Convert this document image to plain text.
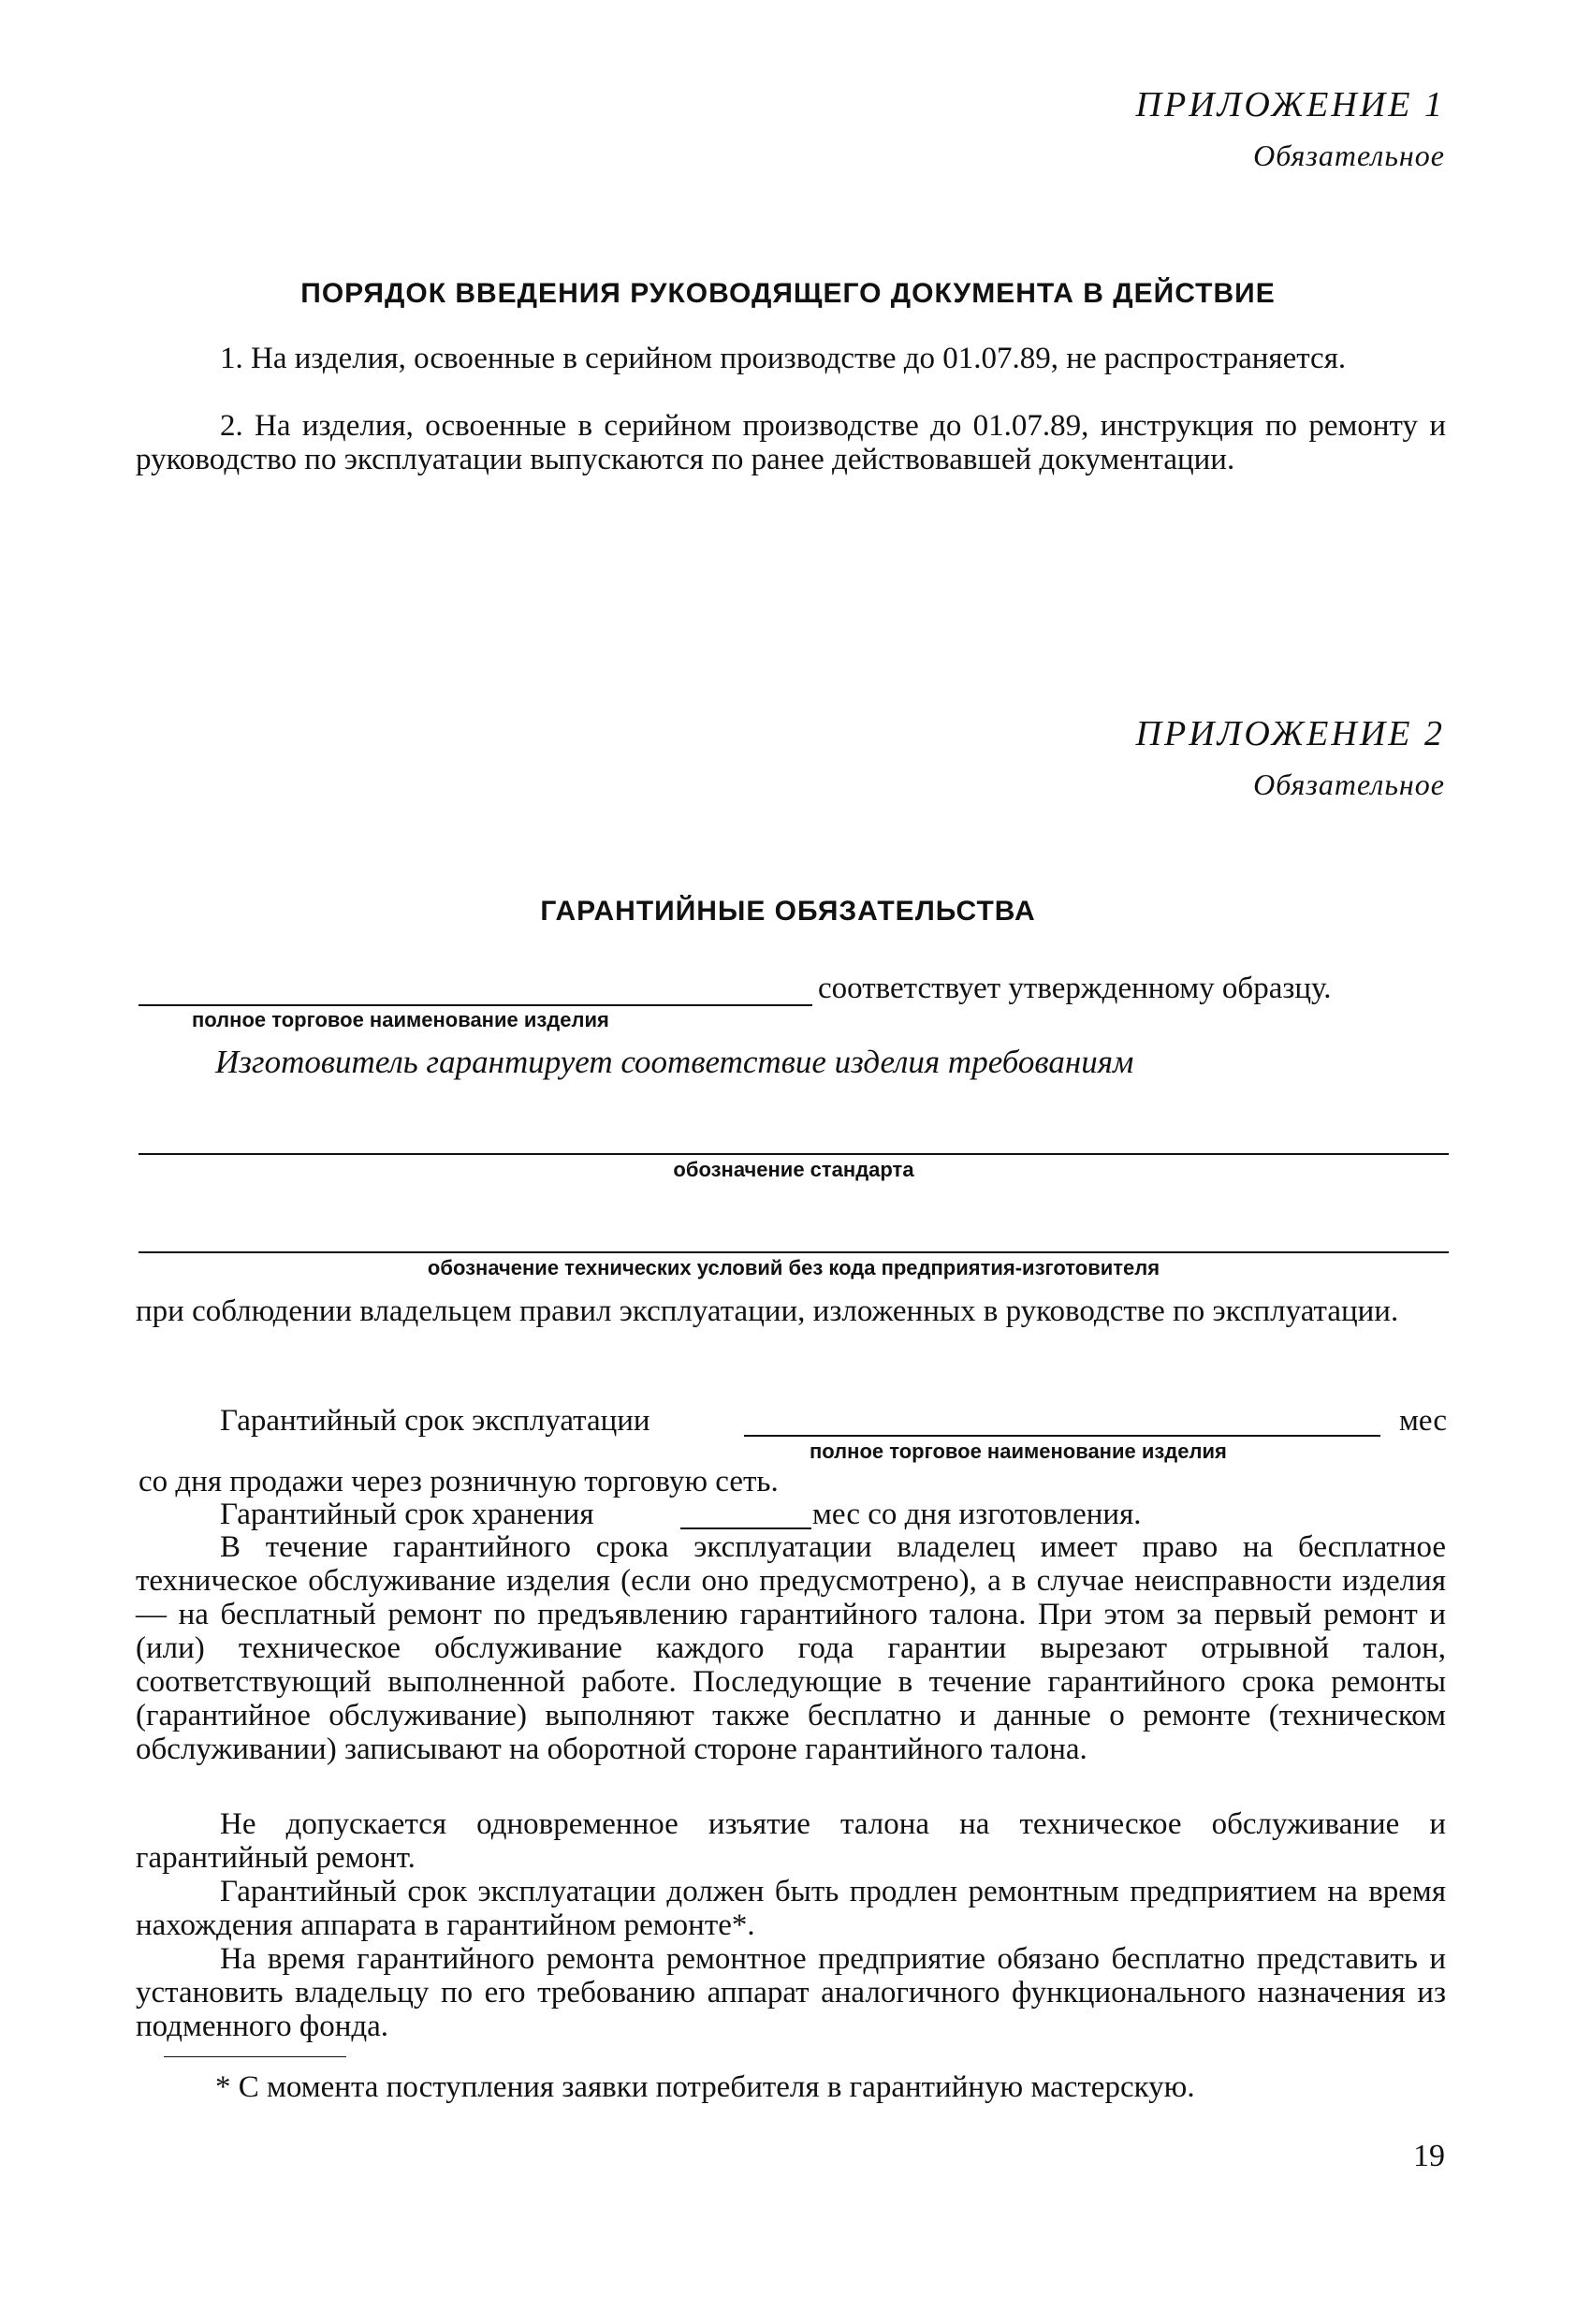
ПРИЛОЖЕНИЕ 1
Обязательное
ПОРЯДОК ВВЕДЕНИЯ РУКОВОДЯЩЕГО ДОКУМЕНТА В ДЕЙСТВИЕ

1. На изделия, освоенные в серийном производстве до 01.07.89, не распространяется.

2. На изделия, освоенные в серийном производстве до 01.07.89, инструкция по ремонту и руководство по эксплуатации выпускаются по ранее действовавшей документации.

ПРИЛОЖЕНИЕ 2
Обязательное
ГАРАНТИЙНЫЕ ОБЯЗАТЕЛЬСТВА
соответствует утвержденному образцу.
полное торговое наименование изделия
Изготовитель гарантирует соответствие изделия требованиям
обозначение стандарта
обозначение технических условий без кода предприятия-изготовителя

при соблюдении владельцем правил эксплуатации, изложенных в руководстве по эксплуатации.

Гарантийный срок эксплуатации	мес
полное торговое наименование изделия
со дня продажи через розничную торговую сеть.
Гарантийный срок хранения	мес со дня изготовления.

В течение гарантийного срока эксплуатации владелец имеет право на бесплатное техническое обслуживание изделия (если оно предусмотрено), а в случае неисправности изделия — на бесплатный ремонт по предъявлению гарантийного талона. При этом за первый ремонт и (или) техническое обслуживание каждого года гарантии вырезают отрывной талон, соответствующий выполненной работе. Последующие в течение гарантийного срока ремонты (гарантийное обслуживание) выполняют также бесплатно и данные о ремонте (техническом обслуживании) записывают на оборотной стороне гарантийного талона.

Не допускается одновременное изъятие талона на техническое обслуживание и гарантийный ремонт.

Гарантийный срок эксплуатации должен быть продлен ремонтным предприятием на время нахождения аппарата в гарантийном ремонте*.

На время гарантийного ремонта ремонтное предприятие обязано бесплатно представить и установить владельцу по его требованию аппарат аналогичного функционального назначения из подменного фонда.

* С момента поступления заявки потребителя в гарантийную мастерскую.
19
